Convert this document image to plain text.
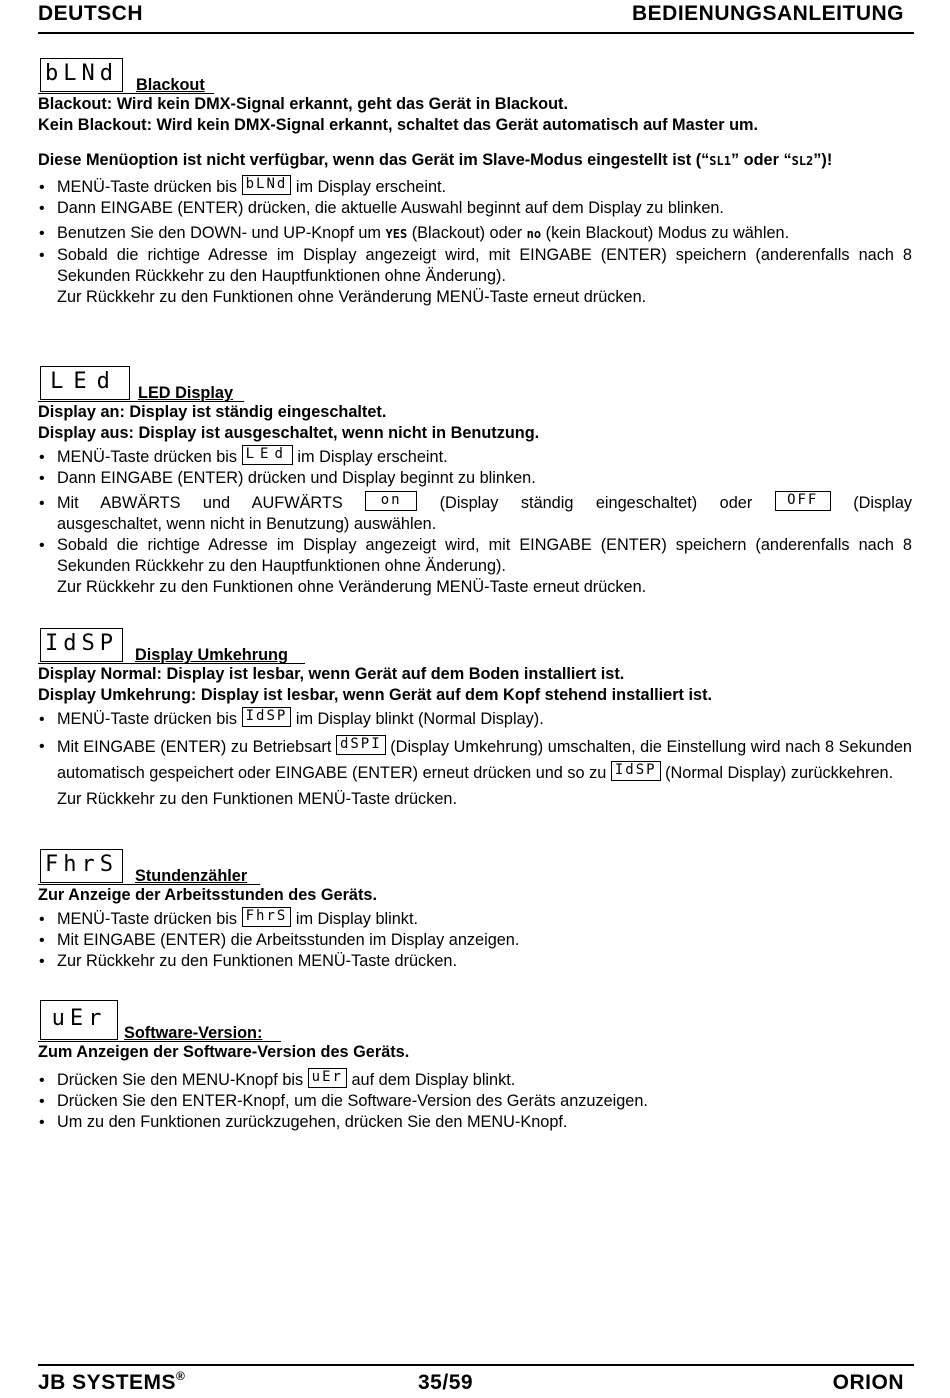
DEUTSCH	BEDIENUNGSANLEITUNG
bLNd	Blackout
Blackout: Wird kein DMX-Signal erkannt, geht das Gerät in Blackout.
Kein Blackout: Wird kein DMX-Signal erkannt, schaltet das Gerät automatisch auf Master um.
Diese Menüoption ist nicht verfügbar, wenn das Gerät im Slave-Modus eingestellt ist (“SL1” oder “SL2”)!
• MENÜ-Taste drücken bis bLNd im Display erscheint.
• Dann EINGABE (ENTER) drücken, die aktuelle Auswahl beginnt auf dem Display zu blinken.
• Benutzen Sie den DOWN- und UP-Knopf um YES (Blackout) oder no (kein Blackout) Modus zu wählen.
• Sobald die richtige Adresse im Display angezeigt wird, mit EINGABE (ENTER) speichern (anderenfalls nach 8 Sekunden Rückkehr zu den Hauptfunktionen ohne Änderung).
Zur Rückkehr zu den Funktionen ohne Veränderung MENÜ-Taste erneut drücken.
LEd	LED Display
Display an: Display ist ständig eingeschaltet.
Display aus: Display ist ausgeschaltet, wenn nicht in Benutzung.
• MENÜ-Taste drücken bis LEd im Display erscheint.
• Dann EINGABE (ENTER) drücken und Display beginnt zu blinken.
• Mit ABWÄRTS und AUFWÄRTS	on (Display ständig eingeschaltet) oder OFF (Display ausgeschaltet, wenn nicht in Benutzung) auswählen.
• Sobald die richtige Adresse im Display angezeigt wird, mit EINGABE (ENTER) speichern (anderenfalls nach 8 Sekunden Rückkehr zu den Hauptfunktionen ohne Änderung).
Zur Rückkehr zu den Funktionen ohne Veränderung MENÜ-Taste erneut drücken.
IdSP	Display Umkehrung
Display Normal: Display ist lesbar, wenn Gerät auf dem Boden installiert ist.
Display Umkehrung: Display ist lesbar, wenn Gerät auf dem Kopf stehend installiert ist.
• MENÜ-Taste drücken bis IdSP im Display blinkt (Normal Display).
• Mit EINGABE (ENTER) zu Betriebsart dSPI (Display Umkehrung) umschalten, die Einstellung wird nach 8 Sekunden automatisch gespeichert oder EINGABE (ENTER) erneut drücken und so zu IdSP (Normal Display) zurückkehren.
Zur Rückkehr zu den Funktionen MENÜ-Taste drücken.
FhrS	Stundenzähler
Zur Anzeige der Arbeitsstunden des Geräts.
• MENÜ-Taste drücken bis FhrS im Display blinkt.
• Mit EINGABE (ENTER) die Arbeitsstunden im Display anzeigen.
• Zur Rückkehr zu den Funktionen MENÜ-Taste drücken.
uEr
Software-Version:
Zum Anzeigen der Software-Version des Geräts.
• Drücken Sie den MENU-Knopf bis uEr auf dem Display blinkt.
• Drücken Sie den ENTER-Knopf, um die Software-Version des Geräts anzuzeigen.
• Um zu den Funktionen zurückzugehen, drücken Sie den MENU-Knopf.
JB SYSTEMS®	35/59	ORION
